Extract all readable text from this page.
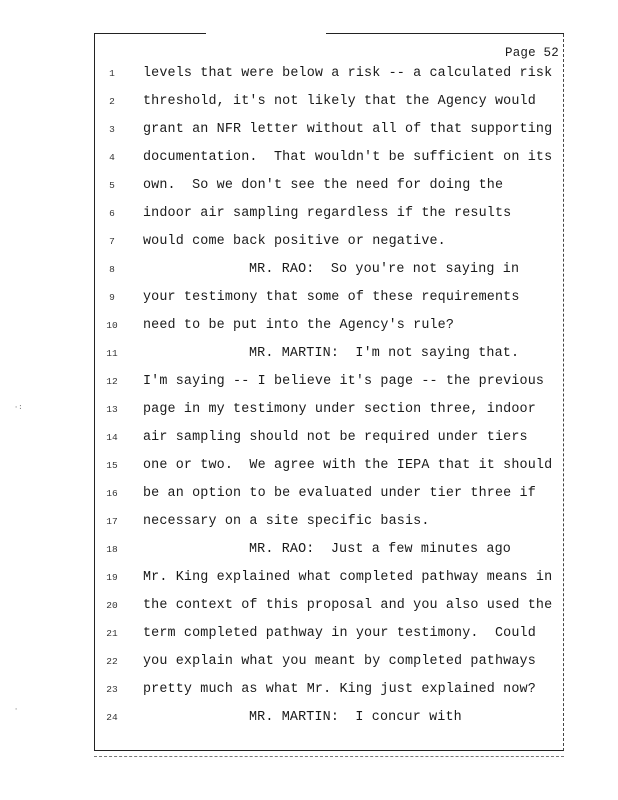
·:
·
Page 52

1

	levels that were below a risk -- a calculated risk

2

	threshold, it's not likely that the Agency would

3

	grant an NFR letter without all of that supporting

4

	documentation.  That wouldn't be sufficient on its

5

	own.  So we don't see the need for doing the

6

	indoor air sampling regardless if the results

7

	would come back positive or negative.

8

	MR. RAO:  So you're not saying in

9

	your testimony that some of these requirements

10

	need to be put into the Agency's rule?

11

	MR. MARTIN:  I'm not saying that.

12

	I'm saying -- I believe it's page -- the previous

13

	page in my testimony under section three, indoor

14

	air sampling should not be required under tiers

15

	one or two.  We agree with the IEPA that it should

16

	be an option to be evaluated under tier three if

17

	necessary on a site specific basis.

18

	MR. RAO:  Just a few minutes ago

19

	Mr. King explained what completed pathway means in

20

	the context of this proposal and you also used the

21

	term completed pathway in your testimony.  Could

22

	you explain what you meant by completed pathways

23

	pretty much as what Mr. King just explained now?

24

	MR. MARTIN:  I concur with
